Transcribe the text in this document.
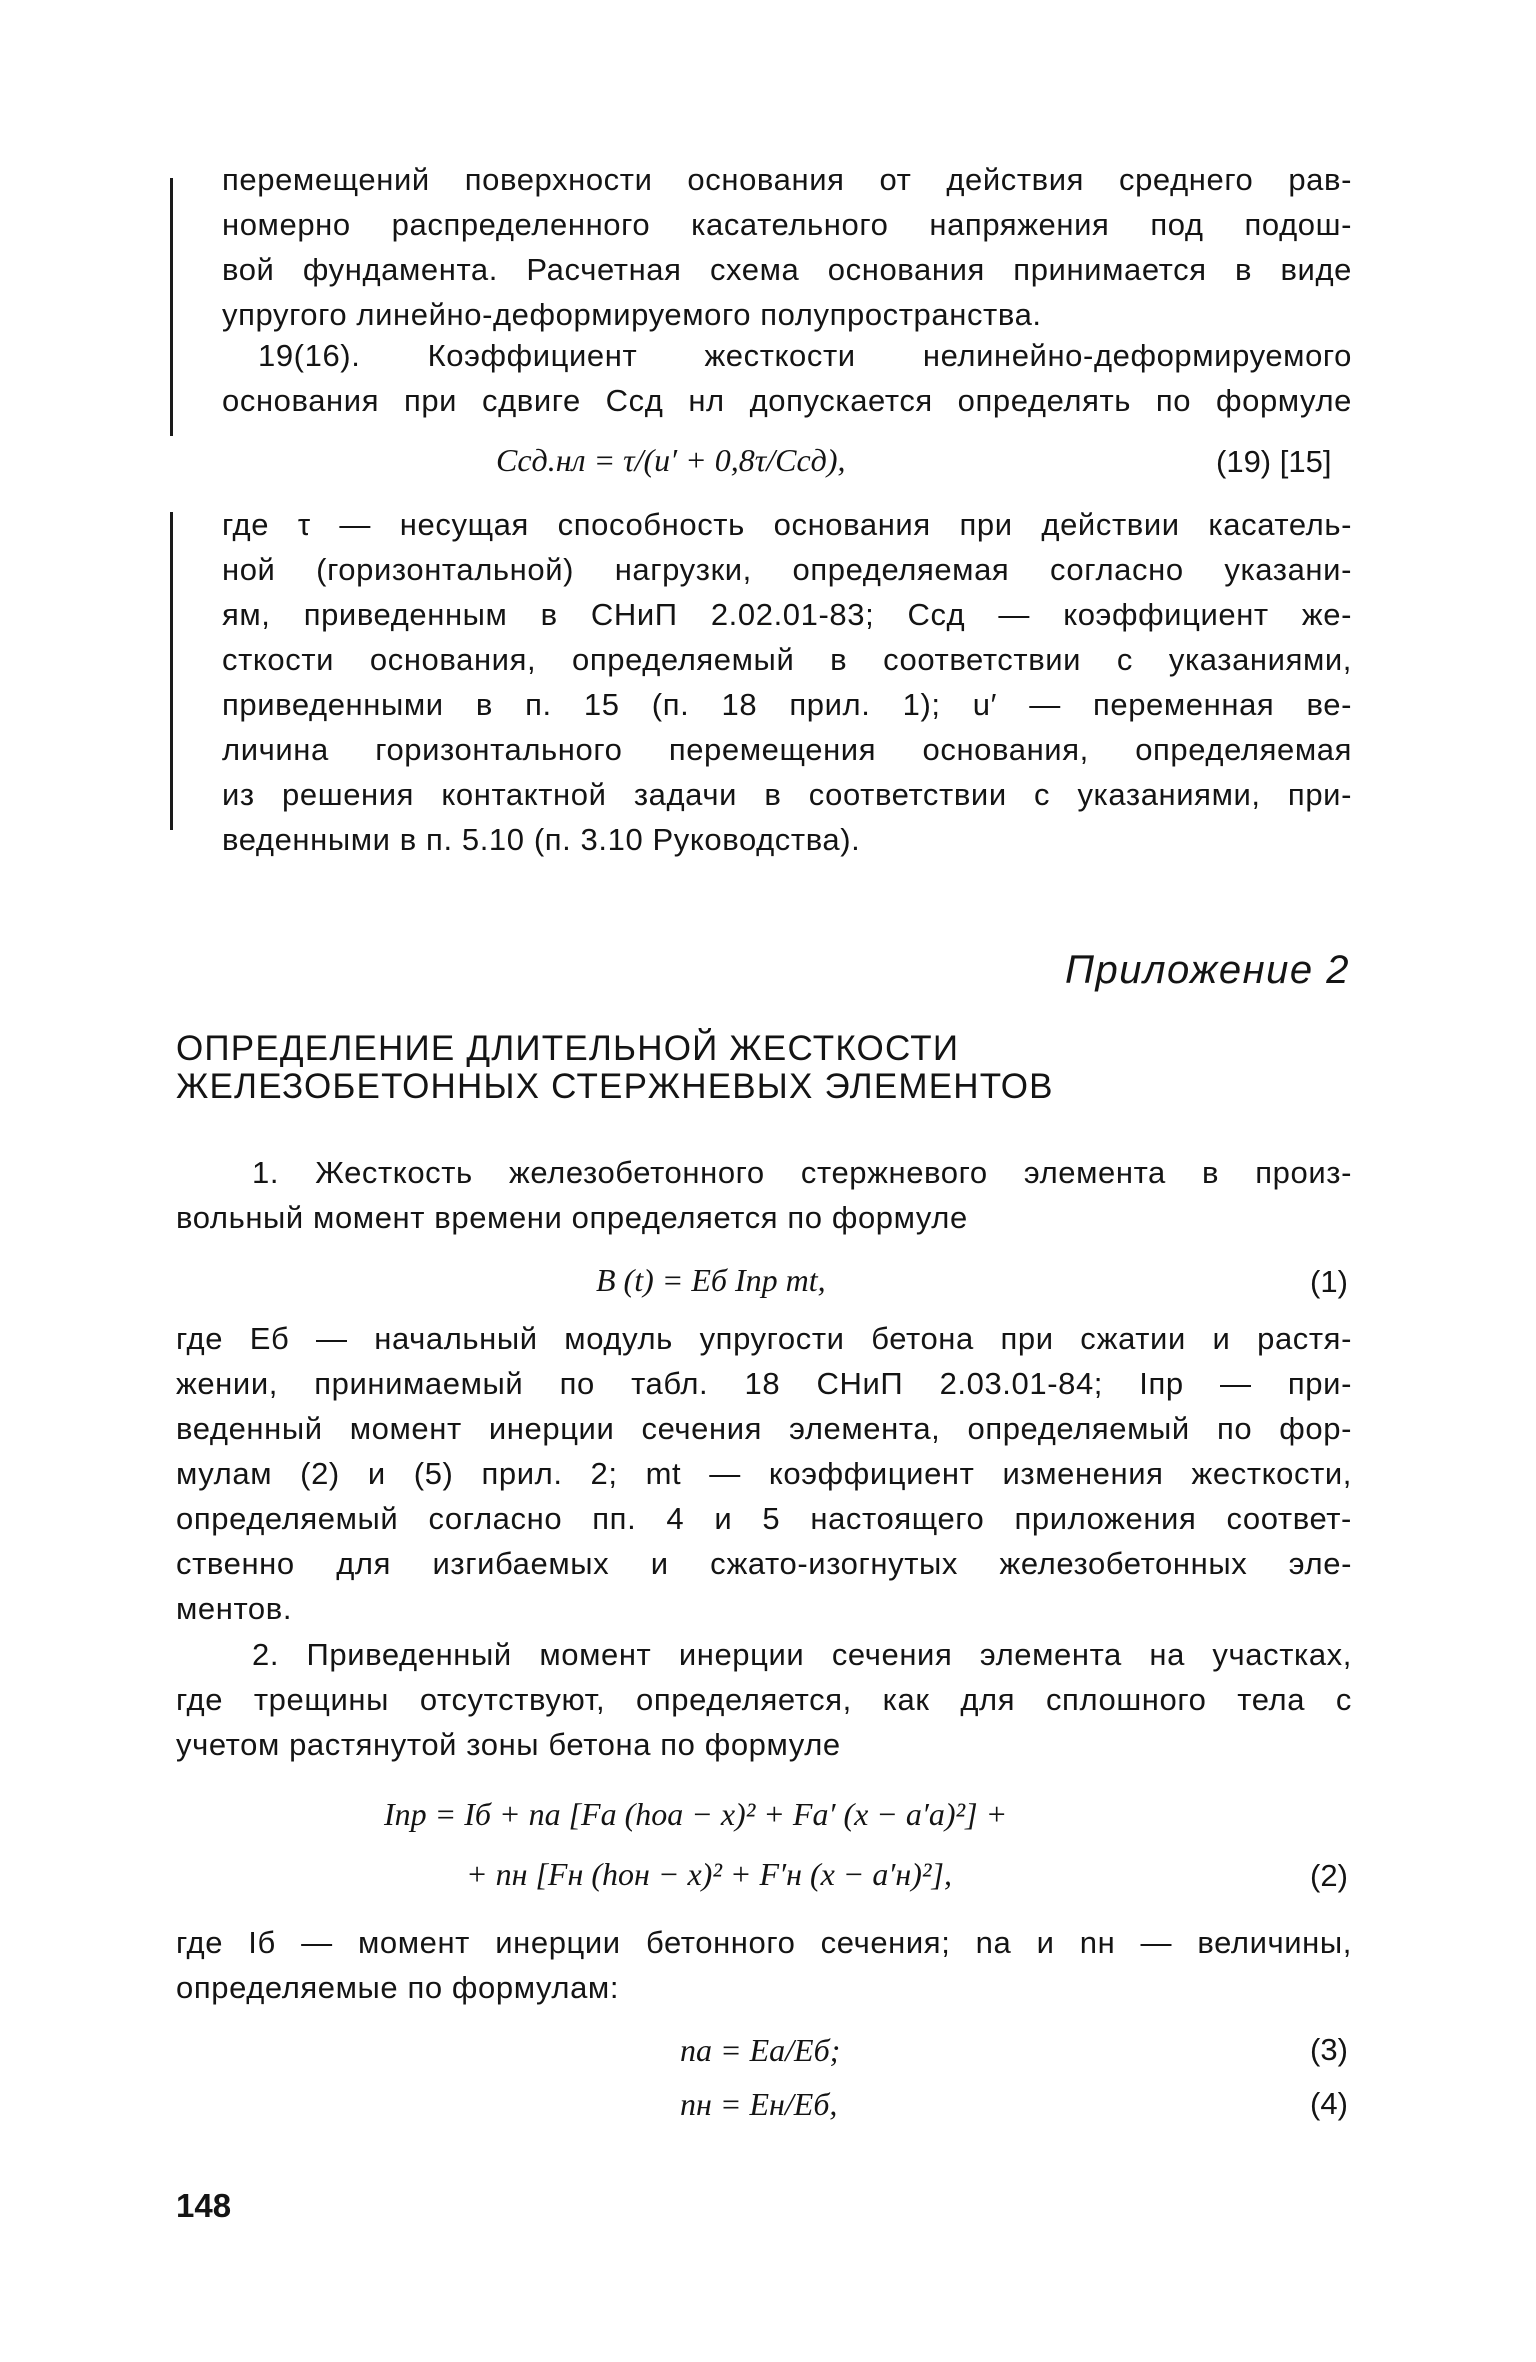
перемещений поверхности основания от действия среднего рав-
номерно распределенного касательного напряжения под подош-
вой фундамента. Расчетная схема основания принимается в виде
упругого линейно-деформируемого полупространства.
19(16). Коэффициент жесткости нелинейно-деформируемого
основания при сдвиге Cсд нл допускается определять по формуле
Cсд.нл = τ/(u′ + 0,8τ/Cсд),	(19) [15]
где τ — несущая способность основания при действии касатель-
ной (горизонтальной) нагрузки, определяемая согласно указани-
ям, приведенным в СНиП 2.02.01-83; Cсд — коэффициент же-
сткости основания, определяемый в соответствии с указаниями,
приведенными в п. 15 (п. 18 прил. 1); u′ — переменная ве-
личина горизонтального перемещения основания, определяемая
из решения контактной задачи в соответствии с указаниями, при-
веденными в п. 5.10 (п. 3.10 Руководства).
Приложение 2
ОПРЕДЕЛЕНИЕ ДЛИТЕЛЬНОЙ ЖЕСТКОСТИ
ЖЕЛЕЗОБЕТОННЫХ СТЕРЖНЕВЫХ ЭЛЕМЕНТОВ
1. Жесткость железобетонного стержневого элемента в произ-
вольный момент времени определяется по формуле
B (t) = Eб Iпр mt,	(1)
где Eб — начальный модуль упругости бетона при сжатии и растя-
жении, принимаемый по табл. 18 СНиП 2.03.01-84; Iпр — при-
веденный момент инерции сечения элемента, определяемый по фор-
мулам (2) и (5) прил. 2; mt — коэффициент изменения жесткости,
определяемый согласно пп. 4 и 5 настоящего приложения соответ-
ственно для изгибаемых и сжато-изогнутых железобетонных эле-
ментов.
2. Приведенный момент инерции сечения элемента на участках,
где трещины отсутствуют, определяется, как для сплошного тела с
учетом растянутой зоны бетона по формуле
Iпр = Iб + nа [Fа (hоа − x)² + Fа′ (x − а′а)²] +
+ nн [Fн (hон − x)² + F′н (x − а′н)²],	(2)
где Iб — момент инерции бетонного сечения; nа и nн — величины,
определяемые по формулам:
nа = Eа/Eб;	(3)
nн = Eн/Eб,	(4)
148
